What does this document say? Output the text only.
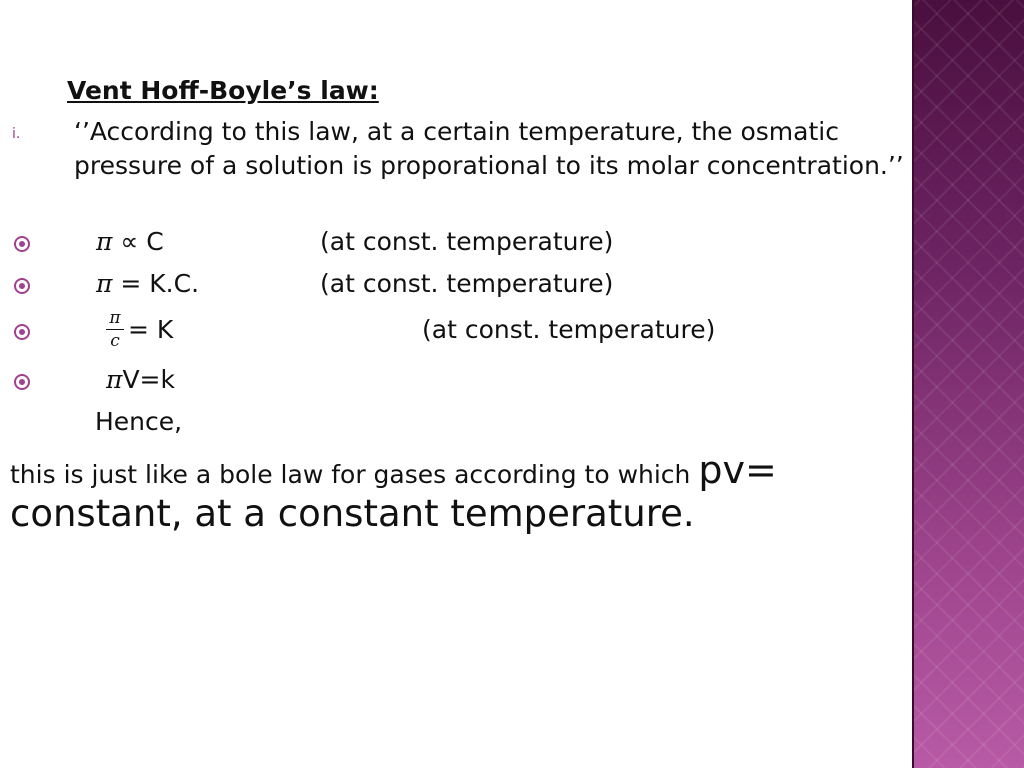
Vent Hoff-Boyle’s law:
i. ‘’According to this law, at a certain temperature, the osmatic pressure of a solution is proporational to its molar concentration.’’
𝜋 ∝ C	(at const. temperature)
𝜋 = K.C.	(at const. temperature)
𝜋
𝑐 = K	(at const. temperature)
𝜋V=k
Hence,
this is just like a bole law for gases according to which pv= constant, at a constant temperature.
